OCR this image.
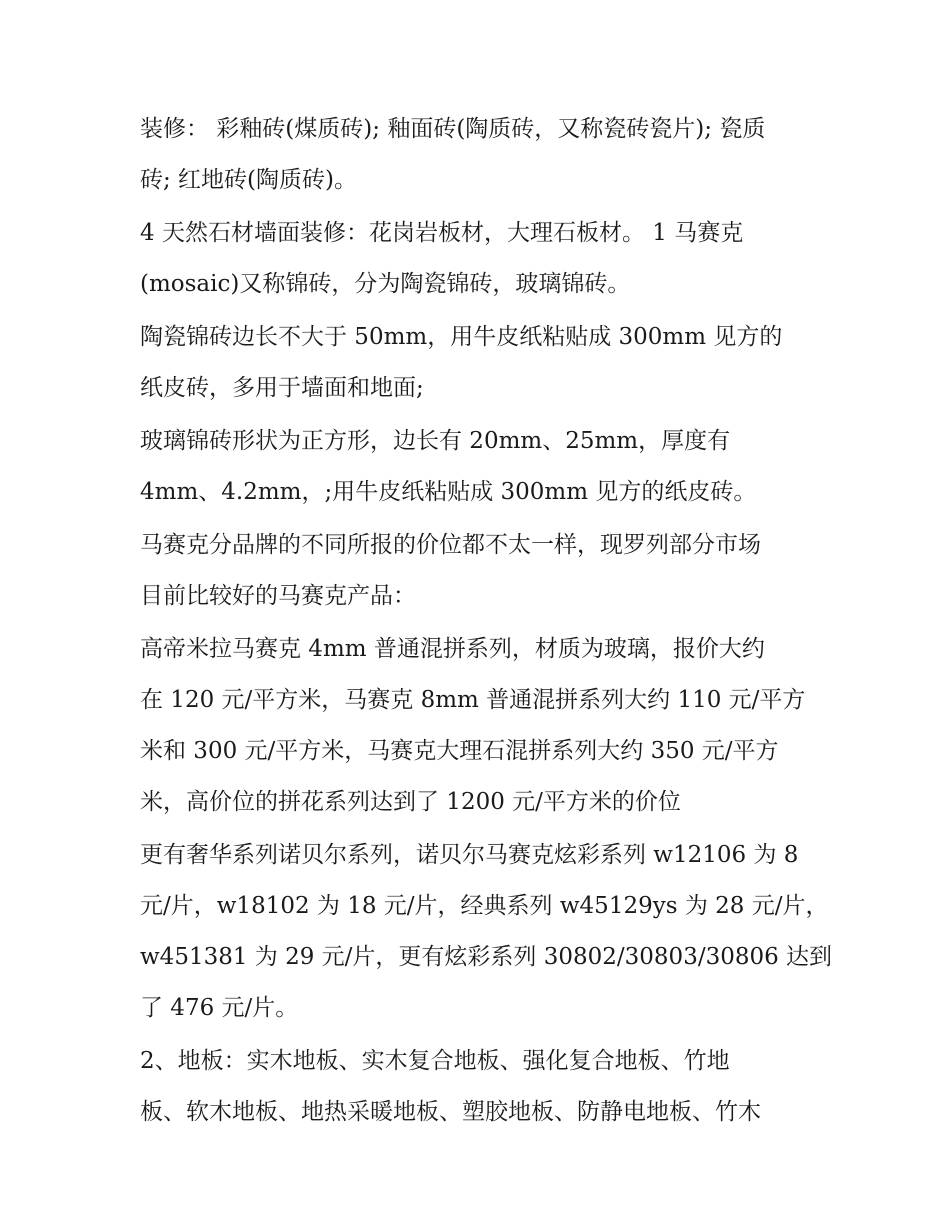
装修： 彩釉砖(煤质砖); 釉面砖(陶质砖，又称瓷砖瓷片); 瓷质
砖; 红地砖(陶质砖)。

4 天然石材墙面装修：花岗岩板材，大理石板材。 1 马赛克
(mosaic)又称锦砖，分为陶瓷锦砖，玻璃锦砖。

陶瓷锦砖边长不大于 50mm，用牛皮纸粘贴成 300mm 见方的
纸皮砖，多用于墙面和地面;

玻璃锦砖形状为正方形，边长有 20mm、25mm，厚度有
4mm、4.2mm，;用牛皮纸粘贴成 300mm 见方的纸皮砖。

马赛克分品牌的不同所报的价位都不太一样，现罗列部分市场
目前比较好的马赛克产品：

高帝米拉马赛克 4mm 普通混拼系列，材质为玻璃，报价大约
在 120 元/平方米，马赛克 8mm 普通混拼系列大约 110 元/平方
米和 300 元/平方米，马赛克大理石混拼系列大约 350 元/平方
米，高价位的拼花系列达到了 1200 元/平方米的价位

更有奢华系列诺贝尔系列，诺贝尔马赛克炫彩系列 w12106 为 8
元/片，w18102 为 18 元/片，经典系列 w45129ys 为 28 元/片，
w451381 为 29 元/片，更有炫彩系列 30802/30803/30806 达到
了 476 元/片。

2、地板：实木地板、实木复合地板、强化复合地板、竹地
板、软木地板、地热采暖地板、塑胶地板、防静电地板、竹木
